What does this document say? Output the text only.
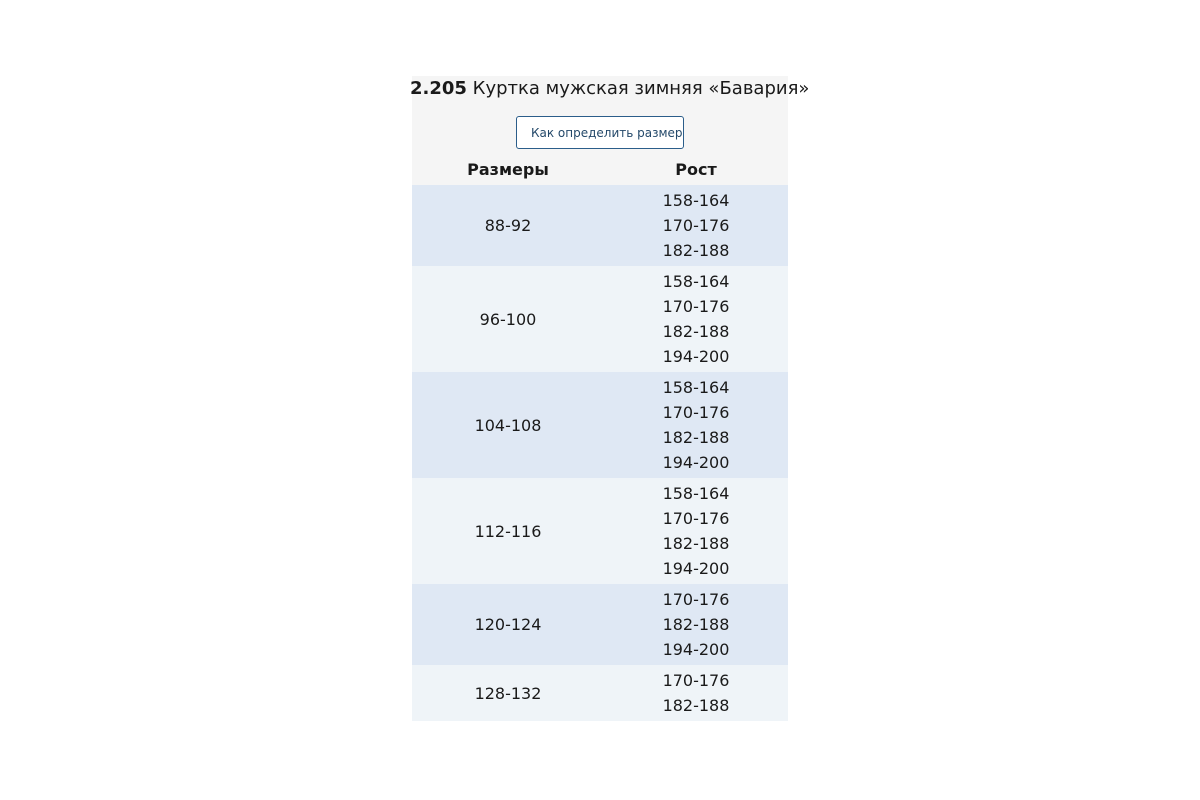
2.205 Куртка мужская зимняя «Бавария»
Как определить размер
Размеры	Рост
88-92
158-164
170-176
182-188
96-100
158-164
170-176
182-188
194-200
104-108
158-164
170-176
182-188
194-200
112-116
158-164
170-176
182-188
194-200
120-124
170-176
182-188
194-200
128-132
170-176
182-188
